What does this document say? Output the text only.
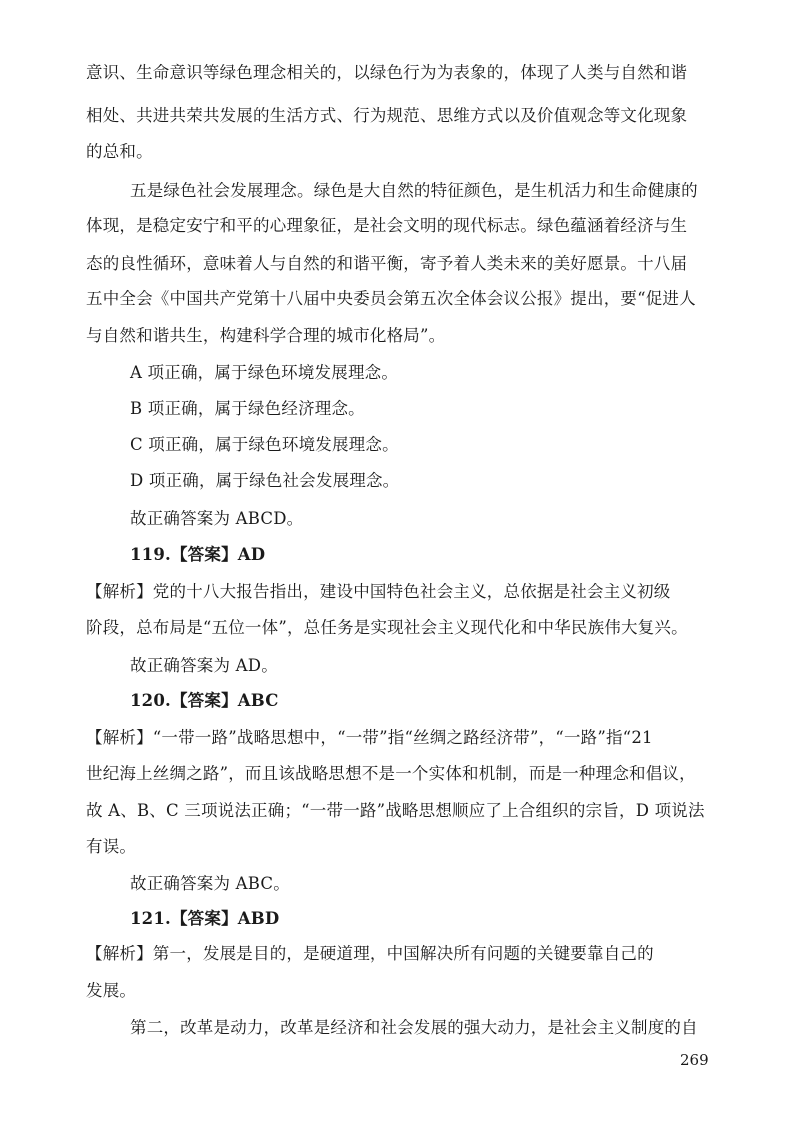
意识、生命意识等绿色理念相关的，以绿色行为为表象的，体现了人类与自然和谐
相处、共进共荣共发展的生活方式、行为规范、思维方式以及价值观念等文化现象
的总和。
五是绿色社会发展理念。绿色是大自然的特征颜色，是生机活力和生命健康的
体现，是稳定安宁和平的心理象征，是社会文明的现代标志。绿色蕴涵着经济与生
态的良性循环，意味着人与自然的和谐平衡，寄予着人类未来的美好愿景。十八届
五中全会《中国共产党第十八届中央委员会第五次全体会议公报》提出，要“促进人
与自然和谐共生，构建科学合理的城市化格局”。
A 项正确，属于绿色环境发展理念。
B 项正确，属于绿色经济理念。
C 项正确，属于绿色环境发展理念。
D 项正确，属于绿色社会发展理念。
故正确答案为 ABCD。
119.【答案】AD
【解析】党的十八大报告指出，建设中国特色社会主义，总依据是社会主义初级
阶段，总布局是“五位一体”，总任务是实现社会主义现代化和中华民族伟大复兴。
故正确答案为 AD。
120.【答案】ABC
【解析】“一带一路”战略思想中，“一带”指“丝绸之路经济带”，“一路”指“21
世纪海上丝绸之路”，而且该战略思想不是一个实体和机制，而是一种理念和倡议，
故 A、B、C 三项说法正确；“一带一路”战略思想顺应了上合组织的宗旨，D 项说法
有误。
故正确答案为 ABC。
121.【答案】ABD
【解析】第一，发展是目的，是硬道理，中国解决所有问题的关键要靠自己的
发展。
第二，改革是动力，改革是经济和社会发展的强大动力，是社会主义制度的自
269
